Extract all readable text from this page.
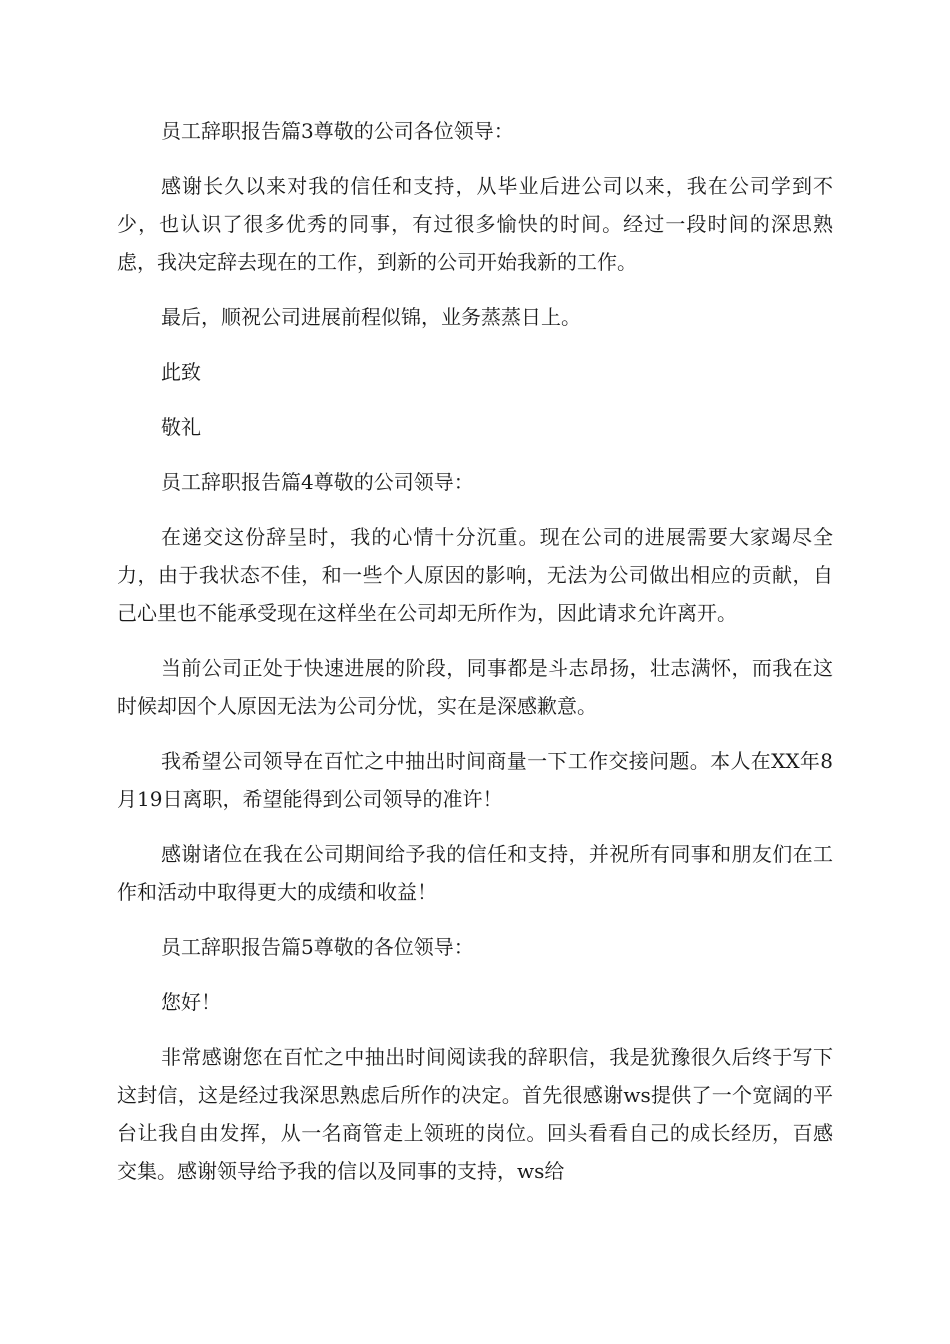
员工辞职报告篇3尊敬的公司各位领导：

感谢长久以来对我的信任和支持，从毕业后进公司以来，我在公司学到不少，也认识了很多优秀的同事，有过很多愉快的时间。经过一段时间的深思熟虑，我决定辞去现在的工作，到新的公司开始我新的工作。

最后，顺祝公司进展前程似锦，业务蒸蒸日上。

此致

敬礼

员工辞职报告篇4尊敬的公司领导：

在递交这份辞呈时，我的心情十分沉重。现在公司的进展需要大家竭尽全力，由于我状态不佳，和一些个人原因的影响，无法为公司做出相应的贡献，自己心里也不能承受现在这样坐在公司却无所作为，因此请求允许离开。

当前公司正处于快速进展的阶段，同事都是斗志昂扬，壮志满怀，而我在这时候却因个人原因无法为公司分忧，实在是深感歉意。

我希望公司领导在百忙之中抽出时间商量一下工作交接问题。本人在XX年8月19日离职，希望能得到公司领导的准许！

感谢诸位在我在公司期间给予我的信任和支持，并祝所有同事和朋友们在工作和活动中取得更大的成绩和收益！

员工辞职报告篇5尊敬的各位领导：

您好！

非常感谢您在百忙之中抽出时间阅读我的辞职信，我是犹豫很久后终于写下这封信，这是经过我深思熟虑后所作的决定。首先很感谢ws提供了一个宽阔的平台让我自由发挥，从一名商管走上领班的岗位。回头看看自己的成长经历，百感交集。感谢领导给予我的信以及同事的支持，ws给
